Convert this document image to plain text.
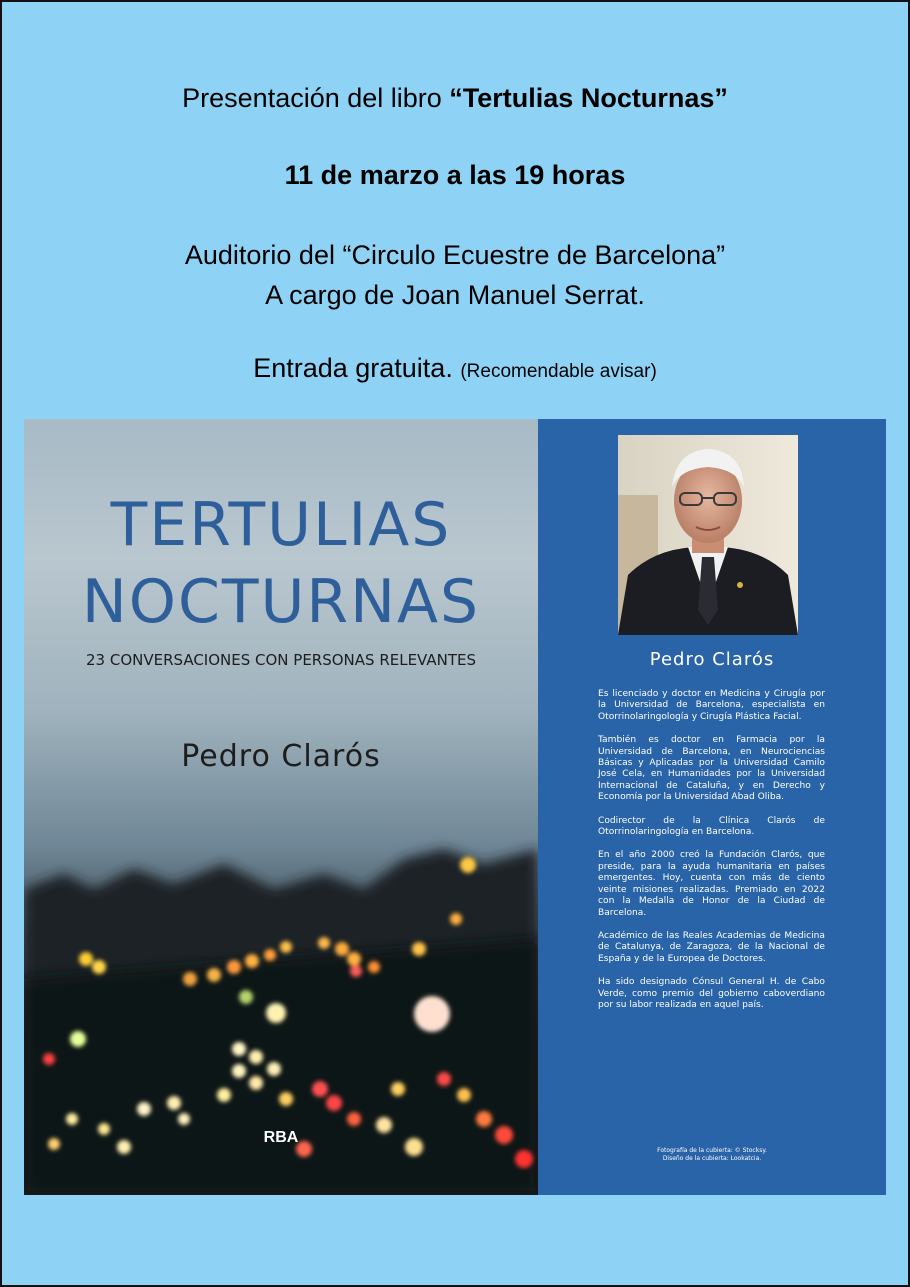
Presentación del libro “Tertulias Nocturnas”
11 de marzo a las 19 horas
Auditorio del “Circulo Ecuestre de Barcelona”
A cargo de Joan Manuel Serrat.
Entrada gratuita. (Recomendable avisar)
TERTULIAS
NOCTURNAS
23 CONVERSACIONES CON PERSONAS RELEVANTES
Pedro Clarós
RBA
Pedro Clarós

Es licenciado y doctor en Medicina y Cirugía por la Universidad de Barcelona, especialista en Otorrinolaringología y Cirugía Plástica Facial.

También es doctor en Farmacia por la Universidad de Barcelona, en Neurociencias Básicas y Aplicadas por la Universidad Camilo José Cela, en Humanidades por la Universidad Internacional de Cataluña, y en Derecho y Economía por la Universidad Abad Oliba.

Codirector de la Clínica Clarós de Otorrinolaringología en Barcelona.

En el año 2000 creó la Fundación Clarós, que preside, para la ayuda humanitaria en países emergentes. Hoy, cuenta con más de ciento veinte misiones realizadas. Premiado en 2022 con la Medalla de Honor de la Ciudad de Barcelona.

Académico de las Reales Academias de Medicina de Catalunya, de Zaragoza, de la Nacional de España y de la Europea de Doctores.

Ha sido designado Cónsul General H. de Cabo Verde, como premio del gobierno caboverdiano por su labor realizada en aquel país.

Fotografía de la cubierta: © Stocksy.
Diseño de la cubierta: Lookatcia.
